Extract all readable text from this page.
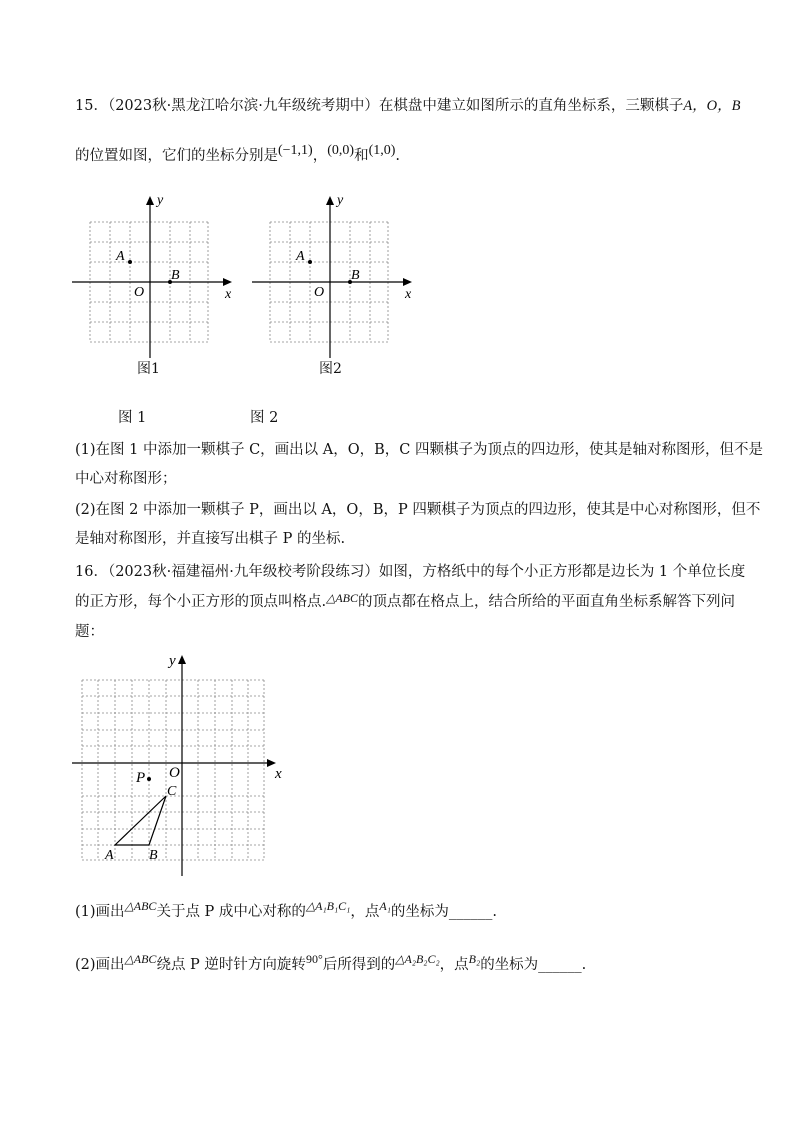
15．（2023秋·黑龙江哈尔滨·九年级统考期中）在棋盘中建立如图所示的直角坐标系，三颗棋子A，O，B
的位置如图，它们的坐标分别是(−1,1)，(0,0)和(1,0).
x
y
O
A
B
图1
x
y
O
A
B
图2
图 1	图 2
(1)在图 1 中添加一颗棋子 C，画出以 A，O，B，C 四颗棋子为顶点的四边形，使其是轴对称图形，但不是
中心对称图形；
(2)在图 2 中添加一颗棋子 P，画出以 A，O，B，P 四颗棋子为顶点的四边形，使其是中心对称图形，但不
是轴对称图形，并直接写出棋子 P 的坐标.
16．（2023秋·福建福州·九年级校考阶段练习）如图，方格纸中的每个小正方形都是边长为 1 个单位长度
的正方形，每个小正方形的顶点叫格点.$^{\triangle ABC}$的顶点都在格点上，结合所给的平面直角坐标系解答下列问
题：
x
y
O
P
A	B
C
(1)画出$^{\triangle ABC}$关于点 P 成中心对称的$^{\triangle A_1B_1C_1}$，点$^{A_1}$的坐标为______.
(2)画出$^{\triangle ABC}$绕点 P 逆时针方向旋转$^{90^\circ}$后所得到的$^{\triangle A_2B_2C_2}$，点$^{B_2}$的坐标为______.
